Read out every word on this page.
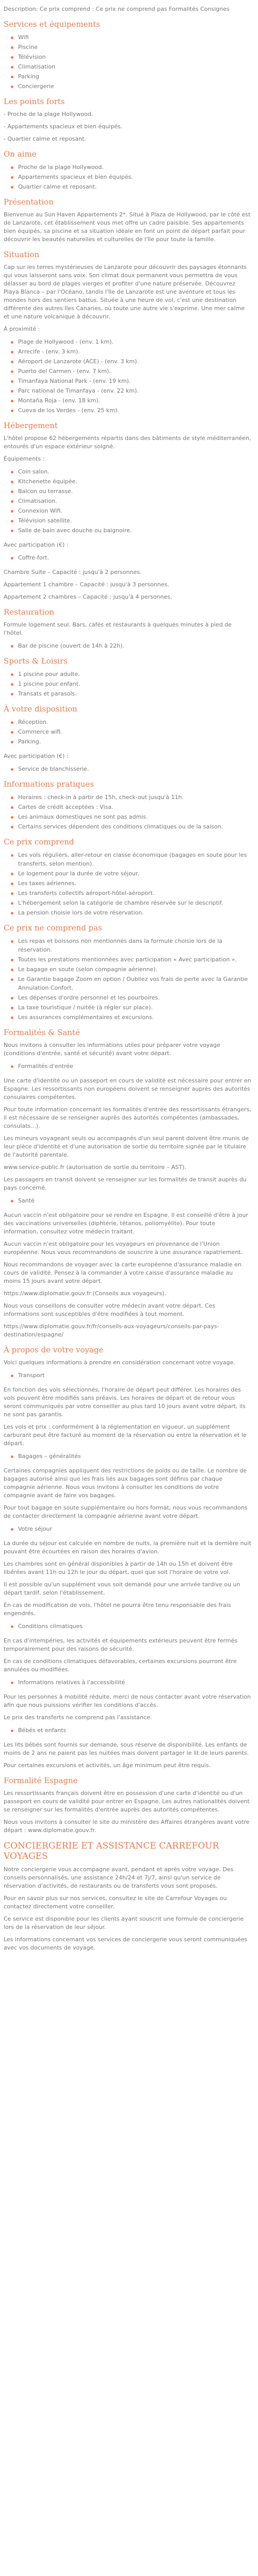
Description: Ce prix comprend : Ce prix ne comprend pas Formalités Consignes

Services et équipements
Wifi
Piscine
Télévision
Climatisation
Parking
Conciergerie
Les points forts

- Proche de la plage Hollywood.

- Appartements spacieux et bien équipés.

- Quartier calme et reposant.

On aime
Proche de la plage Hollywood.
Appartements spacieux et bien équipés.
Quartier calme et reposant.
Présentation

Bienvenue au Sun Haven Appartements 2*. Situé à Plaza de Hollywood, par le côté est de Lanzarote, cet établissement vous met offre un cadre paisible. Ses appartements bien équipés, sa piscine et sa situation idéale en font un point de départ parfait pour découvrir les beautés naturelles et culturelles de l'île pour toute la famille.

Situation

Cap sur les terres mystérieuses de Lanzarote pour découvrir des paysages étonnants qui vous laisseront sans voix. Son climat doux permanent vous permettra de vous délasser au bord de plages vierges et profiter d'une nature préservée. Découvrez Playa Blanca – par l'Océano, tandis l'île de Lanzarote est une aventure et tous les mondes hors des sentiers battus. Située à une heure de vol, c'est une destination différente des autres îles Canaries, où toute une autre vie s'exprime. Une mer calme et une nature volcanique à découvrir.

À proximité :

Plage de Hollywood - (env. 1 km).
Arrecife - (env. 3 km).
Aéroport de Lanzarote (ACE) - (env. 3 km).
Puerto del Carmen - (env. 7 km).
Timanfaya National Park - (env. 19 km).
Parc national de Timanfaya - (env. 22 km).
Montaña Roja - (env. 18 km).
Cueva de los Verdes - (env. 25 km).
Hébergement

L'hôtel propose 62 hébergements répartis dans des bâtiments de style méditerranéen, entourés d'un espace extérieur soigné.

Équipements :

Coin salon.
Kitchenette équipée.
Balcon ou terrasse.
Climatisation.
Connexion Wifi.
Télévision satellite.
Salle de bain avec douche ou baignoire.

Avec participation (€) :

Coffre-fort.

Chambre Suite – Capacité : jusqu'à 2 personnes.

Appartement 1 chambre – Capacité : jusqu'à 3 personnes.

Appartement 2 chambres – Capacité : jusqu'à 4 personnes.

Restauration

Formule logement seul. Bars, cafés et restaurants à quelques minutes à pied de l'hôtel.

Bar de piscine (ouvert de 14h à 22h).
Sports & Loisirs
1 piscine pour adulte.
1 piscine pour enfant.
Transats et parasols.
À votre disposition
Réception.
Commerce wifi.
Parking.

Avec participation (€) :

Service de blanchisserie.
Informations pratiques
Horaires : check-in à partir de 15h, check-out jusqu'à 11h.
Cartes de crédit acceptées : Visa.
Les animaux domestiques ne sont pas admis.
Certains services dépendent des conditions climatiques ou de la saison.
Ce prix comprend
Les vols réguliers, aller-retour en classe économique (bagages en soute pour les transferts, selon mention).
Le logement pour la durée de votre séjour.
Les taxes aériennes.
Les transferts collectifs aéroport-hôtel-aéroport.
L'hébergement selon la catégorie de chambre réservée sur le descriptif.
La pension choisie lors de votre réservation.
Ce prix ne comprend pas
Les repas et boissons non mentionnés dans la formule choisie lors de la réservation.
Toutes les prestations mentionnées avec participation « Avec participation ».
Le bagage en soute (selon compagnie aérienne).
Le Garantie bagage Zoom en option / Oubliez vos frais de perte avec la Garantie Annulation Confort.
Les dépenses d'ordre personnel et les pourboires.
La taxe touristique / nuitée (à régler sur place).
Les assurances complémentaires et excursions.
Formalités & Santé

Nous invitons à consulter les informations utiles pour préparer votre voyage (conditions d'entrée, santé et sécurité) avant votre départ.

Formalités d'entrée

Une carte d'identité ou un passeport en cours de validité est nécessaire pour entrer en Espagne. Les ressortissants non européens doivent se renseigner auprès des autorités consulaires compétentes.

Pour toute information concernant les formalités d'entrée des ressortissants étrangers, il est nécessaire de se renseigner auprès des autorités compétentes (ambassades, consulats...).

Les mineurs voyageant seuls ou accompagnés d'un seul parent doivent être munis de leur pièce d'identité et d'une autorisation de sortie du territoire signée par le titulaire de l'autorité parentale.

www.service-public.fr (autorisation de sortie du territoire – AST).

Les passagers en transit doivent se renseigner sur les formalités de transit auprès du pays concerné.

Santé

Aucun vaccin n'est obligatoire pour se rendre en Espagne. Il est conseillé d'être à jour des vaccinations universelles (diphtérie, tétanos, poliomyélite). Pour toute information, consultez votre médecin traitant.

Aucun vaccin n'est obligatoire pour les voyageurs en provenance de l'Union européenne. Nous vous recommandons de souscrire à une assurance rapatriement.

Nous recommandons de voyager avec la carte européenne d'assurance maladie en cours de validité. Pensez à la commander à votre caisse d'assurance maladie au moins 15 jours avant votre départ.

https://www.diplomatie.gouv.fr (Conseils aux voyageurs).

Nous vous conseillons de consulter votre médecin avant votre départ. Ces informations sont susceptibles d'être modifiées à tout moment.

https://www.diplomatie.gouv.fr/fr/conseils-aux-voyageurs/conseils-par-pays-destination/espagne/

À propos de votre voyage

Voici quelques informations à prendre en considération concernant votre voyage.

Transport

En fonction des vols sélectionnés, l'horaire de départ peut différer. Les horaires des vols peuvent être modifiés sans préavis. Les horaires de départ et de retour vous seront communiqués par votre conseiller au plus tard 10 jours avant votre départ, ils ne sont pas garantis.

Les vols et prix : conformément à la réglementation en vigueur, un supplément carburant peut être facturé au moment de la réservation ou entre la réservation et le départ.

Bagages – généralités

Certaines compagnies appliquent des restrictions de poids ou de taille. Le nombre de bagages autorisé ainsi que les frais liés aux bagages sont définis par chaque compagnie aérienne. Nous vous invitons à consulter les conditions de votre compagnie avant de faire vos bagages.

Pour tout bagage en soute supplémentaire ou hors format, nous vous recommandons de contacter directement la compagnie aérienne avant votre départ.

Votre séjour

La durée du séjour est calculée en nombre de nuits, la première nuit et la dernière nuit pouvant être écourtées en raison des horaires d'avion.

Les chambres sont en général disponibles à partir de 14h ou 15h et doivent être libérées avant 11h ou 12h le jour du départ, quel que soit l'horaire de votre vol.

Il est possible qu'un supplément vous soit demandé pour une arrivée tardive ou un départ tardif, selon l'établissement.

En cas de modification de vols, l'hôtel ne pourra être tenu responsable des frais engendrés.

Conditions climatiques

En cas d'intempéries, les activités et équipements extérieurs peuvent être fermés temporairement pour des raisons de sécurité.

En cas de conditions climatiques défavorables, certaines excursions pourront être annulées ou modifiées.

Informations relatives à l'accessibilité

Pour les personnes à mobilité réduite, merci de nous contacter avant votre réservation afin que nous puissions vérifier les conditions d'accès.

Le prix des transferts ne comprend pas l'assistance.

Bébés et enfants

Les lits bébés sont fournis sur demande, sous réserve de disponibilité. Les enfants de moins de 2 ans ne paient pas les nuitées mais doivent partager le lit de leurs parents.

Pour certaines excursions et activités, un âge minimum peut être requis.

Formalité Espagne

Les ressortissants français doivent être en possession d'une carte d'identité ou d'un passeport en cours de validité pour entrer en Espagne. Les autres nationalités doivent se renseigner sur les formalités d'entrée auprès des autorités compétentes.

Nous vous invitons à consulter le site du ministère des Affaires étrangères avant votre départ : www.diplomatie.gouv.fr.

CONCIERGERIE ET ASSISTANCE CARREFOUR VOYAGES

Notre conciergerie vous accompagne avant, pendant et après votre voyage. Des conseils personnalisés, une assistance 24h/24 et 7j/7, ainsi qu'un service de réservation d'activités, de restaurants ou de transferts vous sont proposés.

Pour en savoir plus sur nos services, consultez le site de Carrefour Voyages ou contactez directement votre conseiller.

Ce service est disponible pour les clients ayant souscrit une formule de conciergerie lors de la réservation de leur séjour.

Les informations concernant vos services de conciergerie vous seront communiquées avec vos documents de voyage.
